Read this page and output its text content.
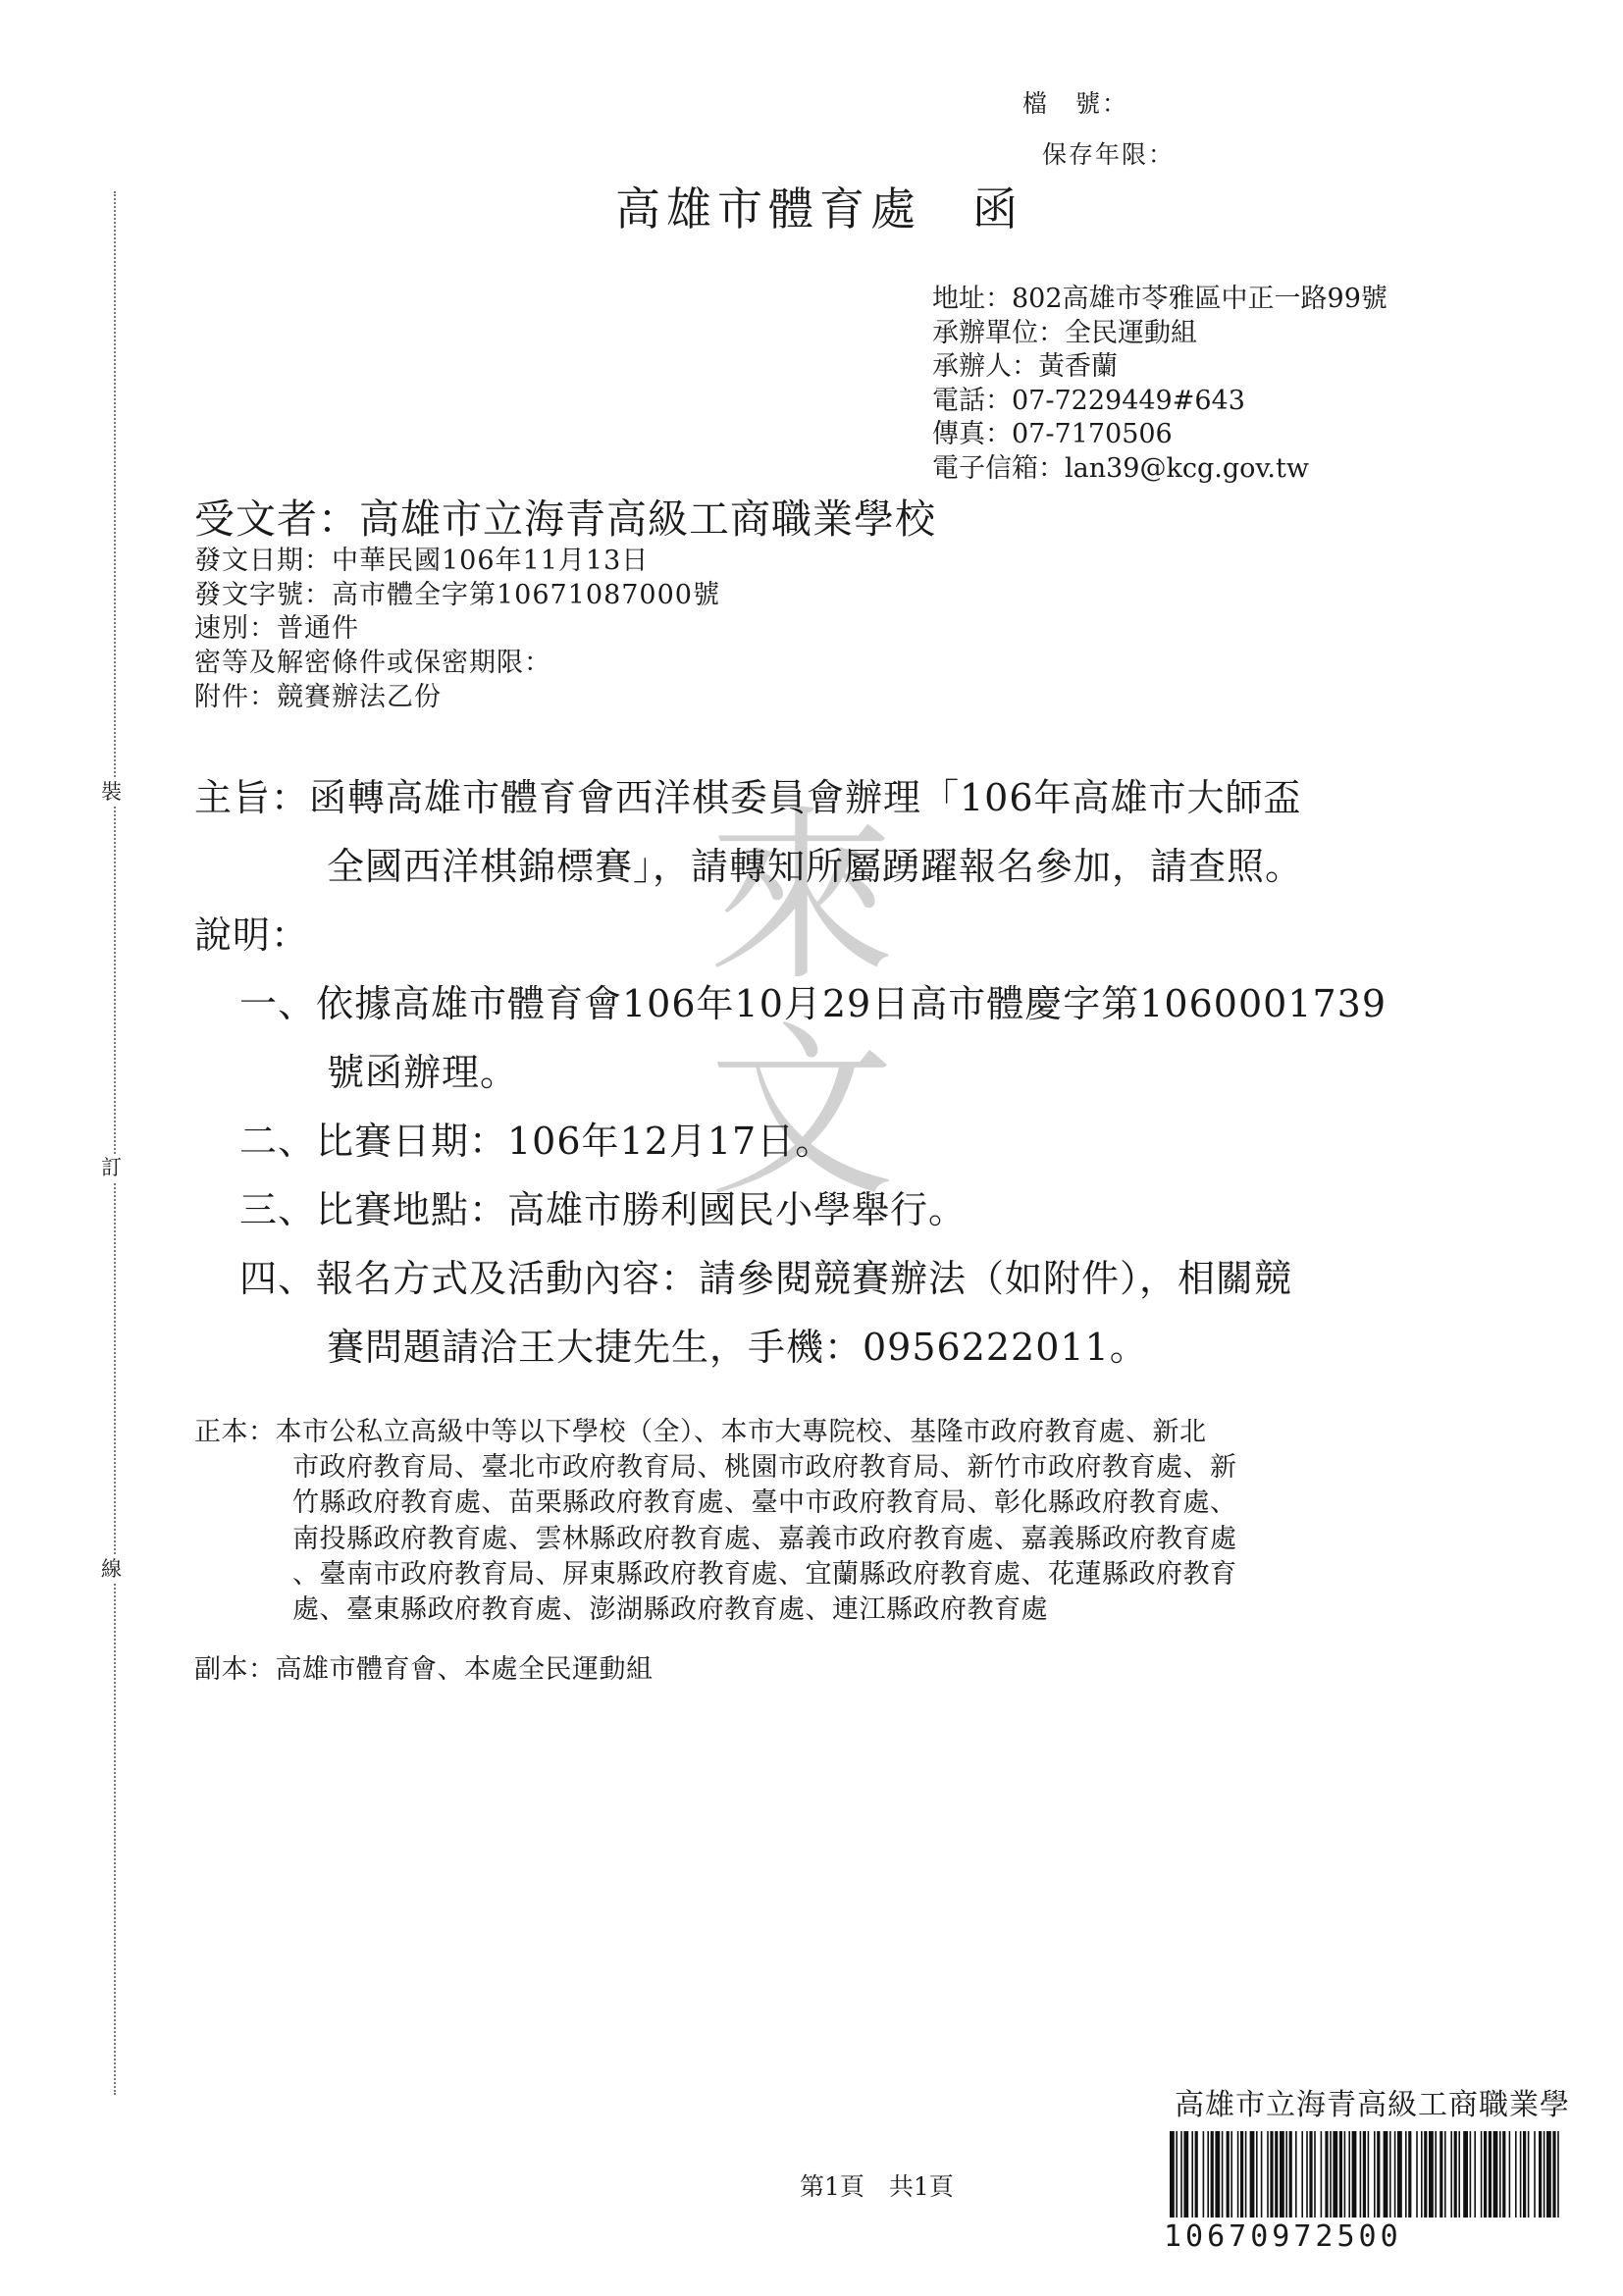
裝
訂
線
檔　號：
保存年限：
高雄市體育處　函
地址：802高雄市苓雅區中正一路99號
承辦單位：全民運動組
承辦人：黃香蘭
電話：07-7229449#643
傳真：07-7170506
電子信箱：lan39@kcg.gov.tw
受文者：高雄市立海青高級工商職業學校
發文日期：中華民國106年11月13日
發文字號：高市體全字第10671087000號
速別：普通件
密等及解密條件或保密期限：
附件：競賽辦法乙份
來
文
主旨：函轉高雄市體育會西洋棋委員會辦理「106年高雄市大師盃
全國西洋棋錦標賽」，請轉知所屬踴躍報名參加，請查照。
說明：
一、依據高雄市體育會106年10月29日高市體慶字第1060001739
號函辦理。
二、比賽日期：106年12月17日。
三、比賽地點：高雄市勝利國民小學舉行。
四、報名方式及活動內容：請參閱競賽辦法（如附件），相關競
賽問題請洽王大捷先生，手機：0956222011。
正本：本市公私立高級中等以下學校（全）、本市大專院校、基隆市政府教育處、新北
市政府教育局、臺北市政府教育局、桃園市政府教育局、新竹市政府教育處、新
竹縣政府教育處、苗栗縣政府教育處、臺中市政府教育局、彰化縣政府教育處、
南投縣政府教育處、雲林縣政府教育處、嘉義市政府教育處、嘉義縣政府教育處
、臺南市政府教育局、屏東縣政府教育處、宜蘭縣政府教育處、花蓮縣政府教育
處、臺東縣政府教育處、澎湖縣政府教育處、連江縣政府教育處
副本：高雄市體育會、本處全民運動組
第1頁　共1頁
高雄市立海青高級工商職業學
10670972500
